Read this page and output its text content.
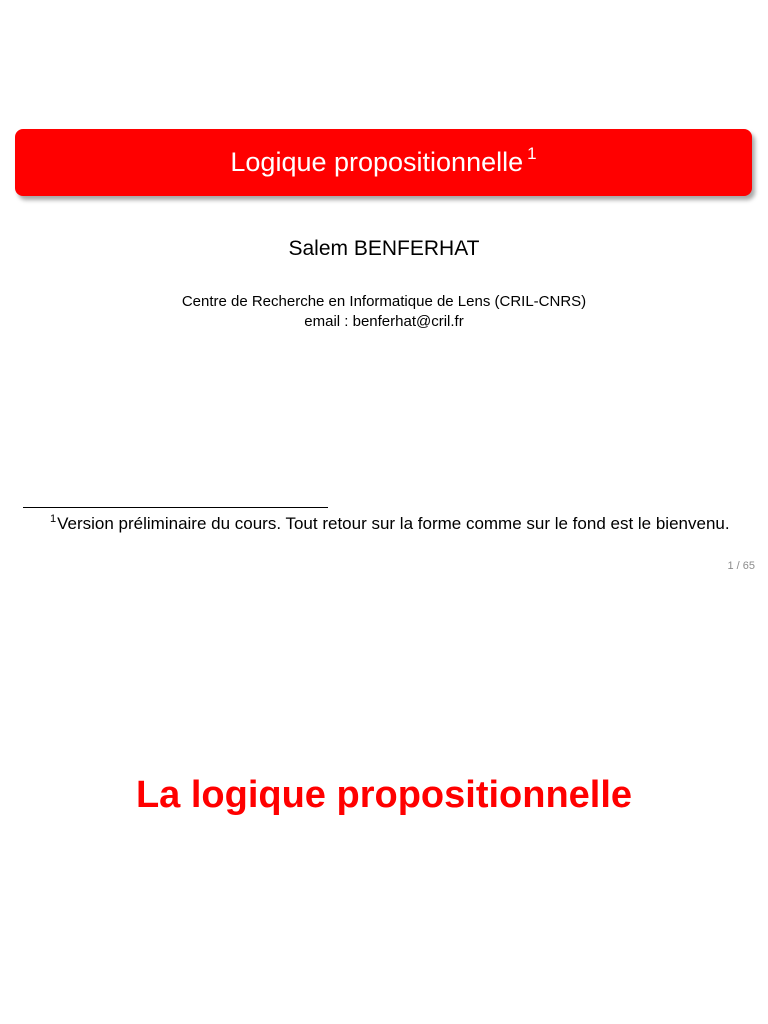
Logique propositionnelle $^1$
Salem BENFERHAT
Centre de Recherche en Informatique de Lens (CRIL-CNRS)
email : benferhat@cril.fr
$^1$Version préliminaire du cours. Tout retour sur la forme comme sur le fond est le bienvenu.
1 / 65
La logique propositionnelle
